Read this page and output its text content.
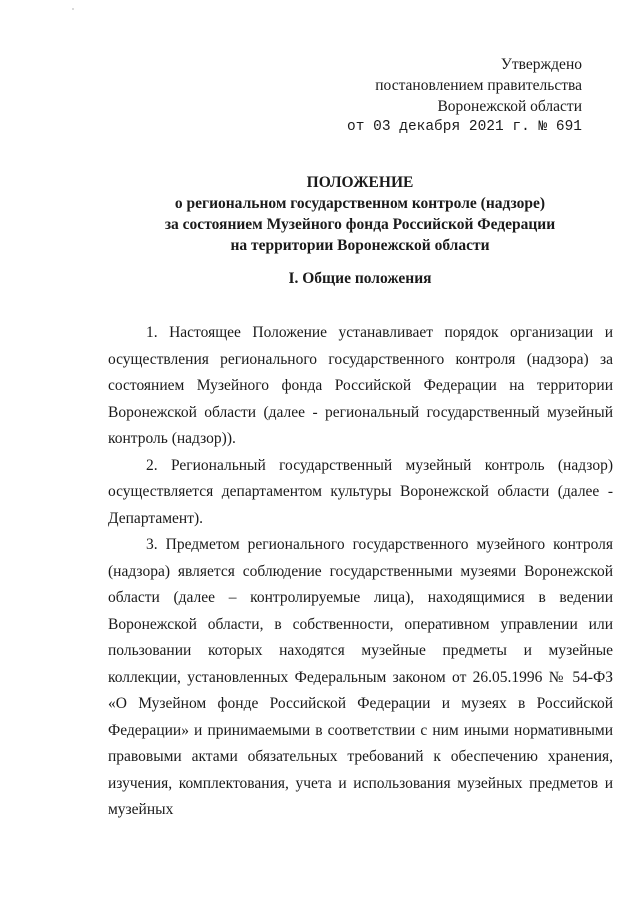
Утверждено
постановлением правительства
Воронежской области
от 03 декабря 2021 г. № 691
ПОЛОЖЕНИЕ
о региональном государственном контроле (надзоре)
за состоянием Музейного фонда Российской Федерации
на территории Воронежской области
I. Общие положения

1. Настоящее Положение устанавливает порядок организации и осуществления регионального государственного контроля (надзора) за состоянием Музейного фонда Российской Федерации на территории Воронежской области (далее - региональный государственный музейный контроль (надзор)).

2. Региональный государственный музейный контроль (надзор) осуществляется департаментом культуры Воронежской области (далее - Департамент).

3. Предметом регионального государственного музейного контроля (надзора) является соблюдение государственными музеями Воронежской области (далее – контролируемые лица), находящимися в ведении Воронежской области, в собственности, оперативном управлении или пользовании которых находятся музейные предметы и музейные коллекции, установленных Федеральным законом от 26.05.1996 № 54-ФЗ «О Музейном фонде Российской Федерации и музеях в Российской Федерации» и принимаемыми в соответствии с ним иными нормативными правовыми актами обязательных требований к обеспечению хранения, изучения, комплектования, учета и использования музейных предметов и музейных
